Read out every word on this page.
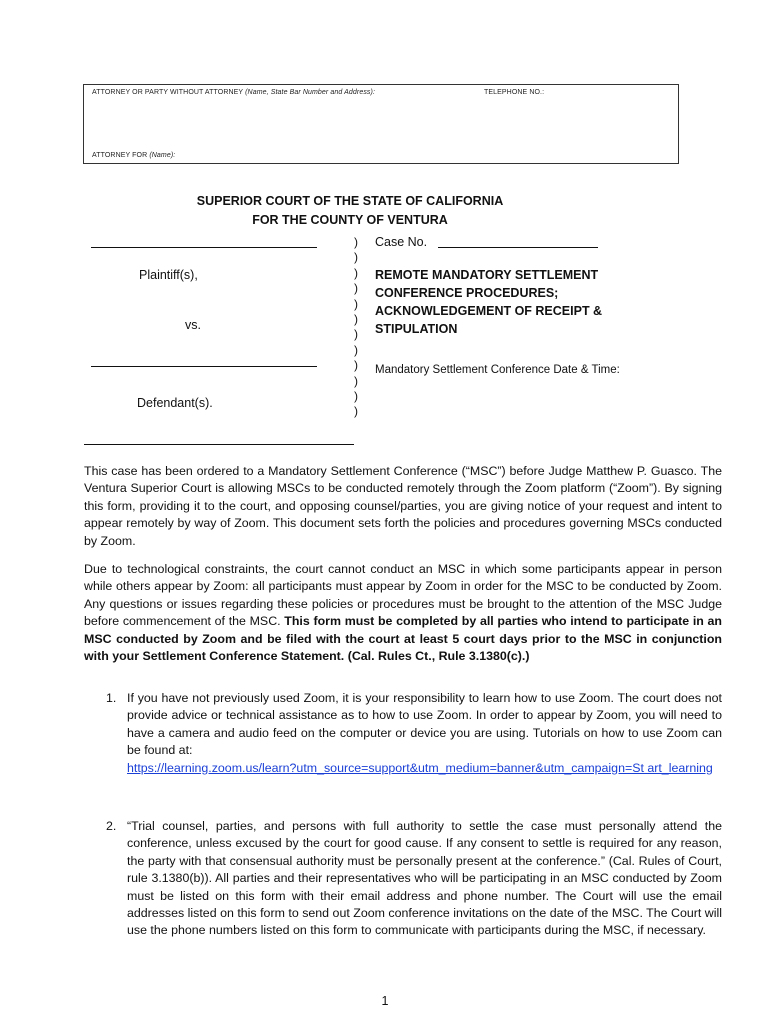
ATTORNEY OR PARTY WITHOUT ATTORNEY (Name, State Bar Number and Address):	TELEPHONE NO.:
ATTORNEY FOR (Name):
SUPERIOR COURT OF THE STATE OF CALIFORNIA
FOR THE COUNTY OF VENTURA
Plaintiff(s),
vs.
Defendant(s).
)
)
)
)
)
)
)
)
)
)
)
)
Case No.
REMOTE MANDATORY SETTLEMENT
CONFERENCE PROCEDURES;
ACKNOWLEDGEMENT OF RECEIPT &
STIPULATION
Mandatory Settlement Conference Date & Time:
This case has been ordered to a Mandatory Settlement Conference (“MSC”) before Judge Matthew P. Guasco. The Ventura Superior Court is allowing MSCs to be conducted remotely through the Zoom platform (“Zoom”). By signing this form, providing it to the court, and opposing counsel/parties, you are giving notice of your request and intent to appear remotely by way of Zoom. This document sets forth the policies and procedures governing MSCs conducted by Zoom.
Due to technological constraints, the court cannot conduct an MSC in which some participants appear in person while others appear by Zoom: all participants must appear by Zoom in order for the MSC to be conducted by Zoom. Any questions or issues regarding these policies or procedures must be brought to the attention of the MSC Judge before commencement of the MSC. This form must be completed by all parties who intend to participate in an MSC conducted by Zoom and be filed with the court at least 5 court days prior to the MSC in conjunction with your Settlement Conference Statement. (Cal. Rules Ct., Rule 3.1380(c).)
1. If you have not previously used Zoom, it is your responsibility to learn how to use Zoom. The court does not provide advice or technical assistance as to how to use Zoom. In order to appear by Zoom, you will need to have a camera and audio feed on the computer or device you are using. Tutorials on how to use Zoom can be found at:
https://learning.zoom.us/learn?utm_source=support&utm_medium=banner&utm_campaign=St art_learning
2. “Trial counsel, parties, and persons with full authority to settle the case must personally attend the conference, unless excused by the court for good cause. If any consent to settle is required for any reason, the party with that consensual authority must be personally present at the conference.” (Cal. Rules of Court, rule 3.1380(b)). All parties and their representatives who will be participating in an MSC conducted by Zoom must be listed on this form with their email address and phone number. The Court will use the email addresses listed on this form to send out Zoom conference invitations on the date of the MSC. The Court will use the phone numbers listed on this form to communicate with participants during the MSC, if necessary.
1
